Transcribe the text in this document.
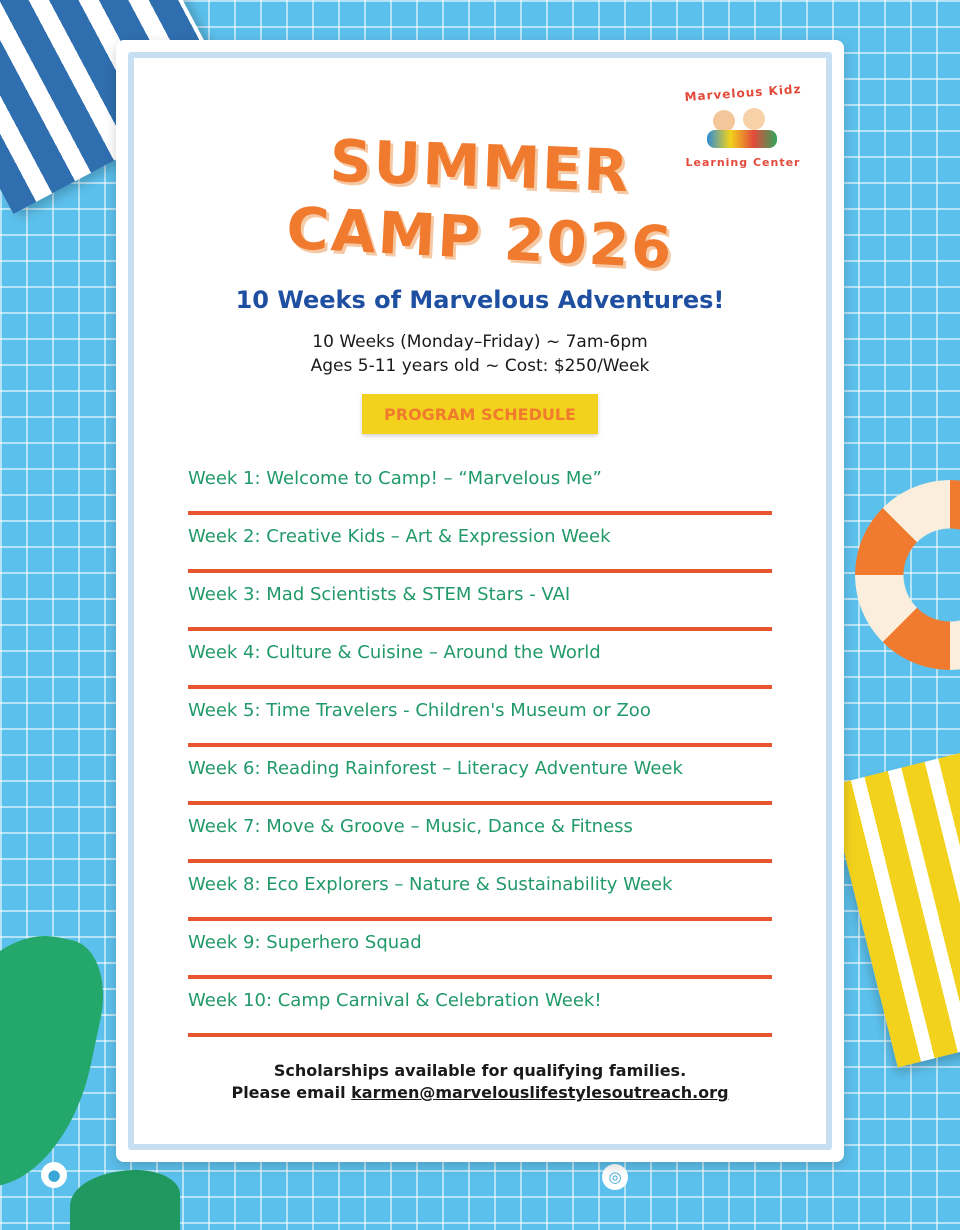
●	◎
Marvelous Kidz
Learning Center
SUMMER
CAMP 2026
10 Weeks of Marvelous Adventures!
10 Weeks (Monday–Friday) ~ 7am-6pm
Ages 5-11 years old ~ Cost: $250/Week
PROGRAM SCHEDULE
Week 1: Welcome to Camp! – “Marvelous Me”
Week 2: Creative Kids – Art & Expression Week
Week 3: Mad Scientists & STEM Stars - VAI
Week 4: Culture & Cuisine – Around the World
Week 5: Time Travelers - Children's Museum or Zoo
Week 6: Reading Rainforest – Literacy Adventure Week
Week 7: Move & Groove – Music, Dance & Fitness
Week 8: Eco Explorers – Nature & Sustainability Week
Week 9: Superhero Squad
Week 10: Camp Carnival & Celebration Week!
Scholarships available for qualifying families.
Please email karmen@marvelouslifestylesoutreach.org
